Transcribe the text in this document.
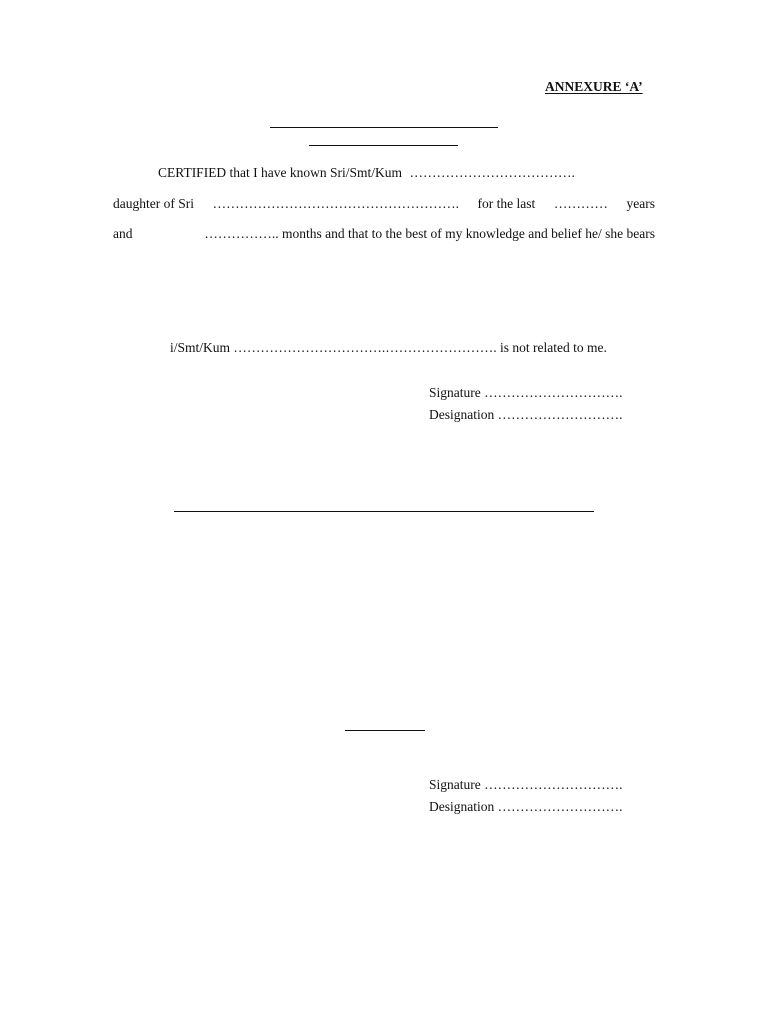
ANNEXURE ‘A’
CERTIFIED that I have known Sri/Smt/Kum ……………………………….
daughter of Sri ………………………………………………. for the last ………… years
and	…………….. months and that to the best of my knowledge and belief he/ she bears
i/Smt/Kum …………………………….……………………. is not related to me.
Signature ………………………….
Designation ……………………….
Signature ………………………….
Designation ……………………….
